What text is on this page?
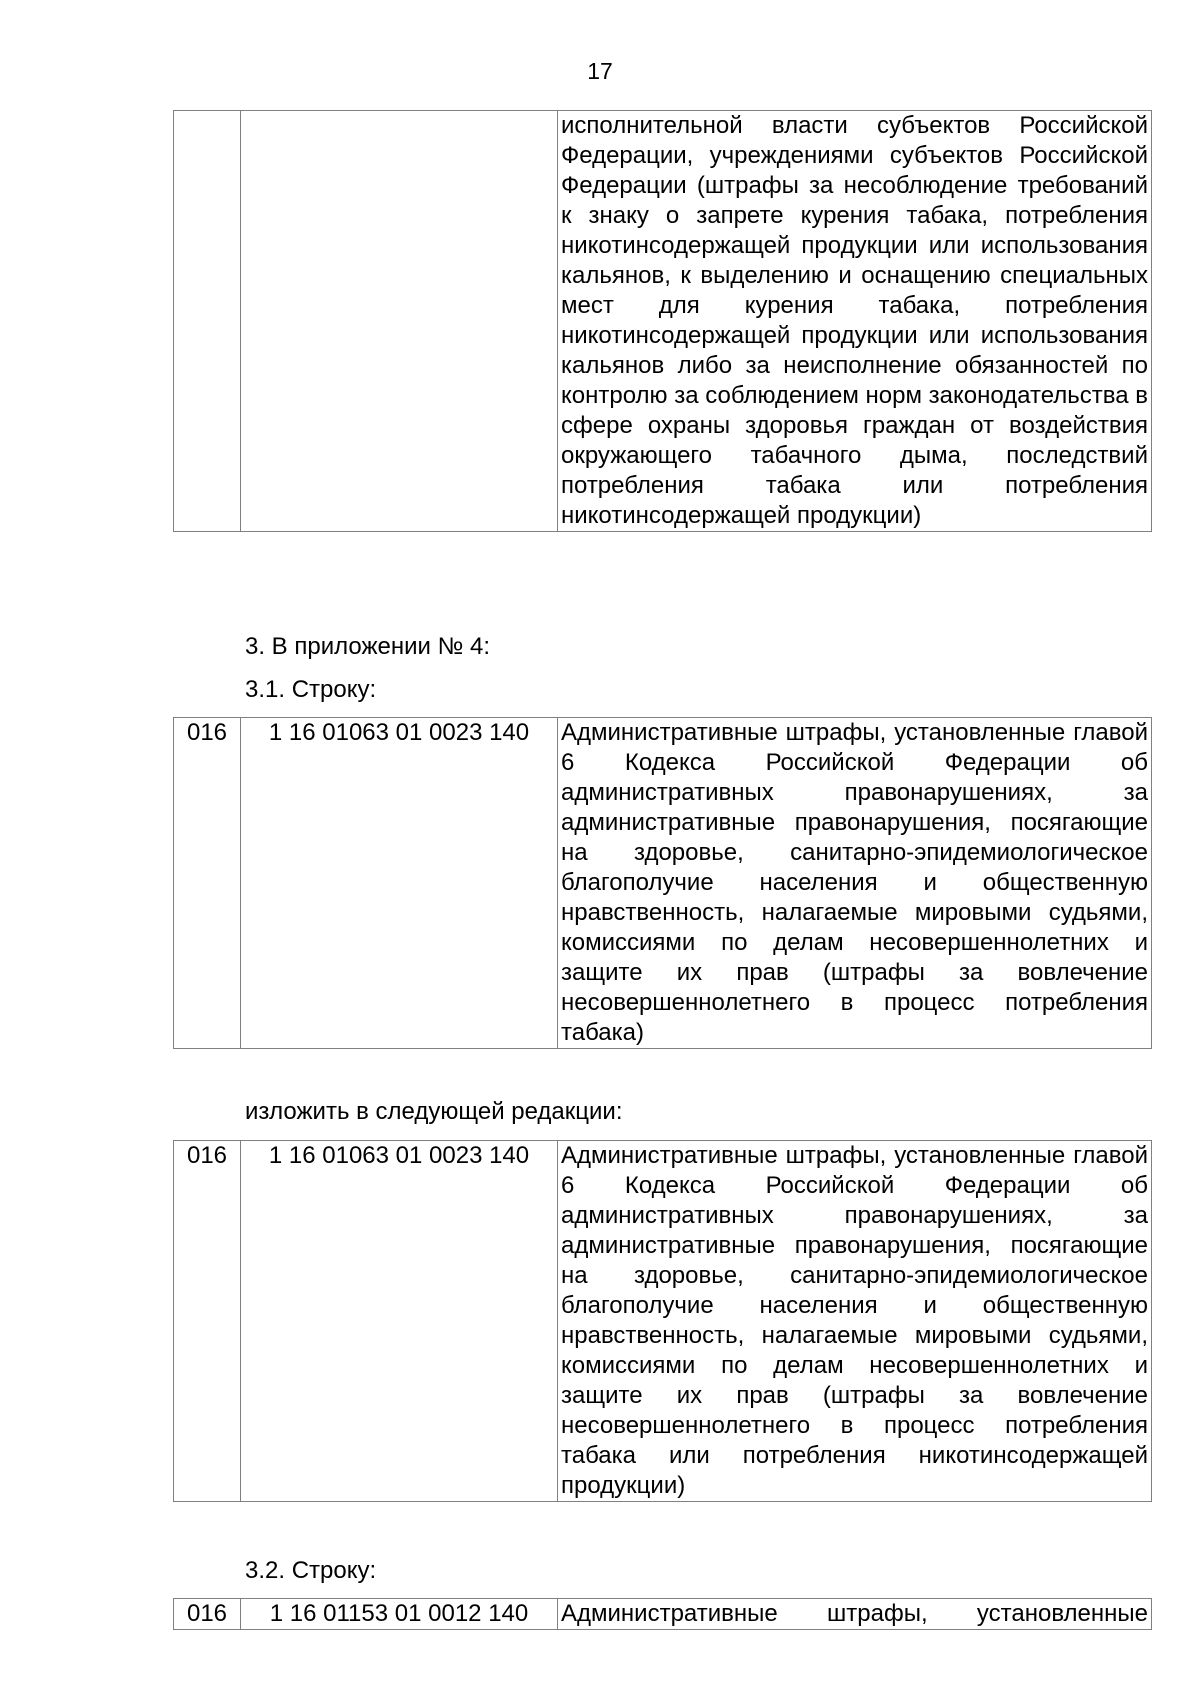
17
		исполнительной власти субъектов Российской Федерации, учреждениями субъектов Российской Федерации (штрафы за несоблюдение требований к знаку о запрете курения табака, потребления никотинсодержащей продукции или использования кальянов, к выделению и оснащению специальных мест для курения табака, потребления никотинсодержащей продукции или использования кальянов либо за неисполнение обязанностей по контролю за соблюдением норм законодательства в сфере охраны здоровья граждан от воздействия окружающего табачного дыма, последствий потребления табака или потребления никотинсодержащей продукции)

3. В приложении № 4:

3.1. Строку:

016	1 16 01063 01 0023 140	Административные штрафы, установленные главой 6 Кодекса Российской Федерации об административных правонарушениях, за административные правонарушения, посягающие на здоровье, санитарно-эпидемиологическое благополучие населения и общественную нравственность, налагаемые мировыми судьями, комиссиями по делам несовершеннолетних и защите их прав (штрафы за вовлечение несовершеннолетнего в процесс потребления табака)

изложить в следующей редакции:

016	1 16 01063 01 0023 140	Административные штрафы, установленные главой 6 Кодекса Российской Федерации об административных правонарушениях, за административные правонарушения, посягающие на здоровье, санитарно-эпидемиологическое благополучие населения и общественную нравственность, налагаемые мировыми судьями, комиссиями по делам несовершеннолетних и защите их прав (штрафы за вовлечение несовершеннолетнего в процесс потребления табака или потребления никотинсодержащей продукции)

3.2. Строку:

016	1 16 01153 01 0012 140	Административные штрафы, установленные
